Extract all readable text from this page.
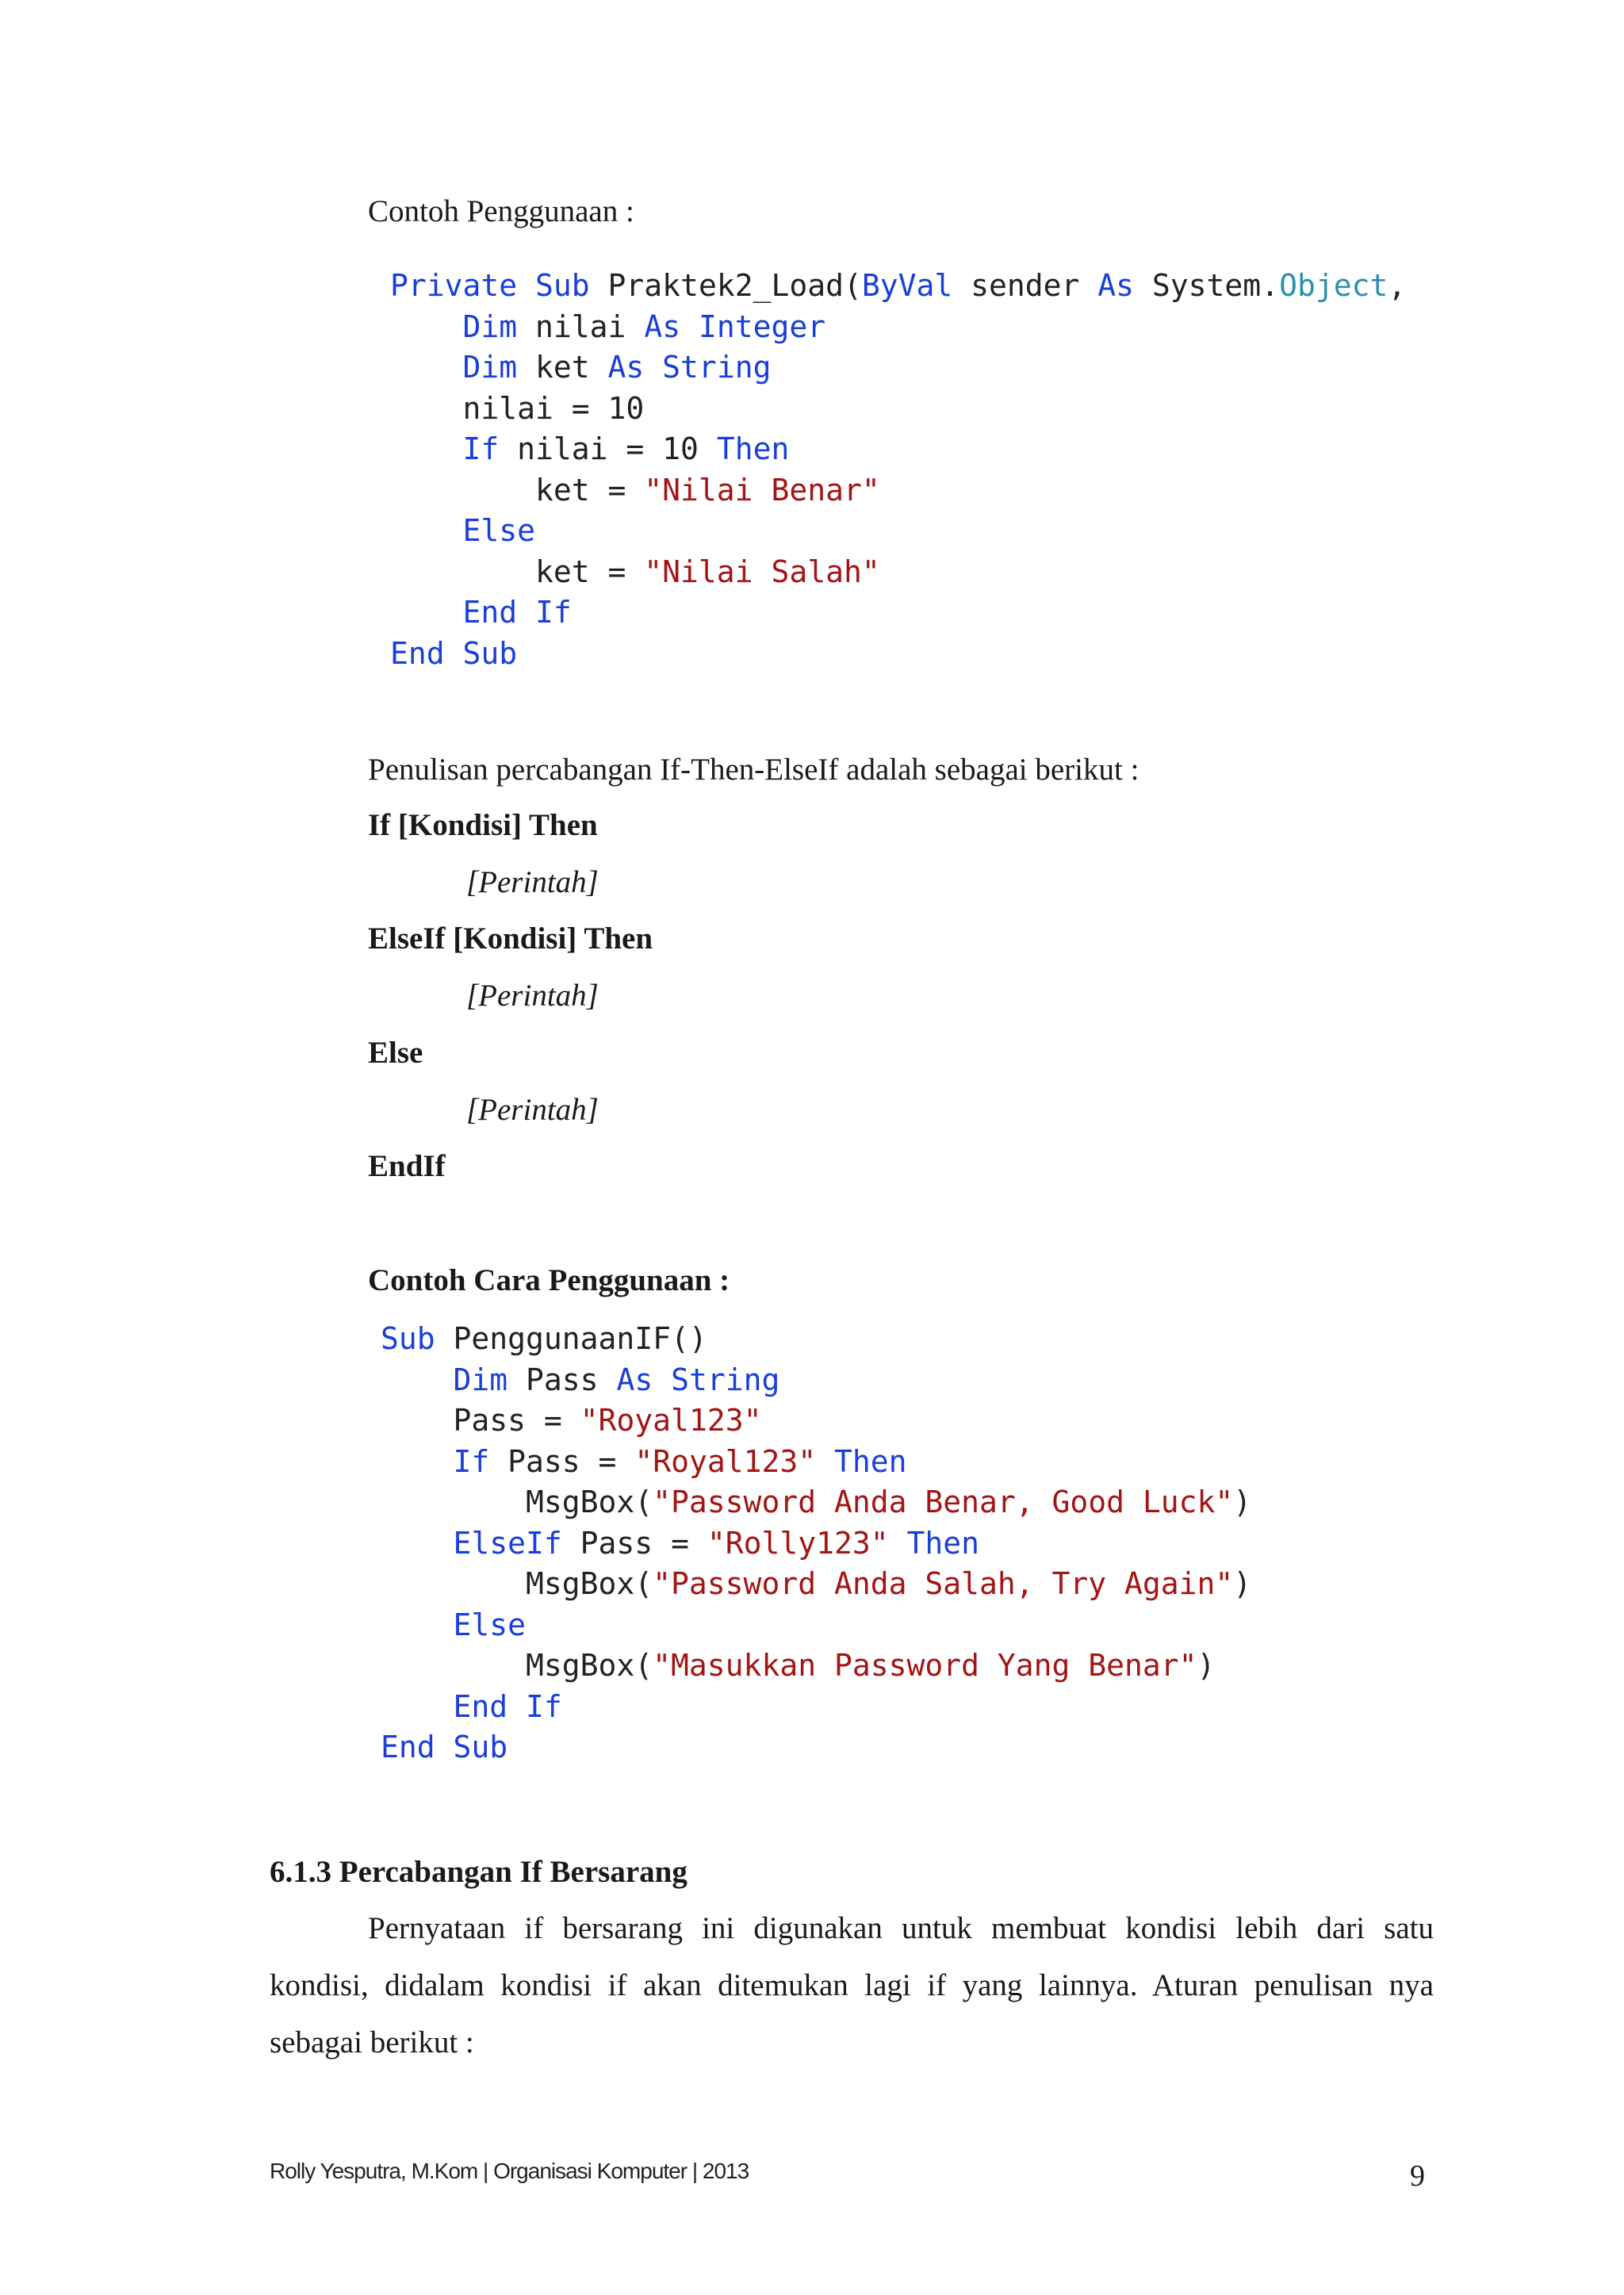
Contoh Penggunaan :
Private Sub Praktek2_Load(ByVal sender As System.Object,
Dim nilai As Integer
Dim ket As String
nilai = 10
If nilai = 10 Then
ket = "Nilai Benar"
Else
ket = "Nilai Salah"
End If
End Sub
Penulisan percabangan If-Then-ElseIf adalah sebagai berikut :
If [Kondisi] Then
[Perintah]
ElseIf [Kondisi] Then
[Perintah]
Else
[Perintah]
EndIf
Contoh Cara Penggunaan :
Sub PenggunaanIF()
Dim Pass As String
Pass = "Royal123"
If Pass = "Royal123" Then
MsgBox("Password Anda Benar, Good Luck")
ElseIf Pass = "Rolly123" Then
MsgBox("Password Anda Salah, Try Again")
Else
MsgBox("Masukkan Password Yang Benar")
End If
End Sub
6.1.3 Percabangan If Bersarang
Pernyataan if bersarang ini digunakan untuk membuat kondisi lebih dari satu
kondisi, didalam kondisi if akan ditemukan lagi if yang lainnya. Aturan penulisan nya
sebagai berikut :
Rolly Yesputra, M.Kom | Organisasi Komputer | 2013	9
